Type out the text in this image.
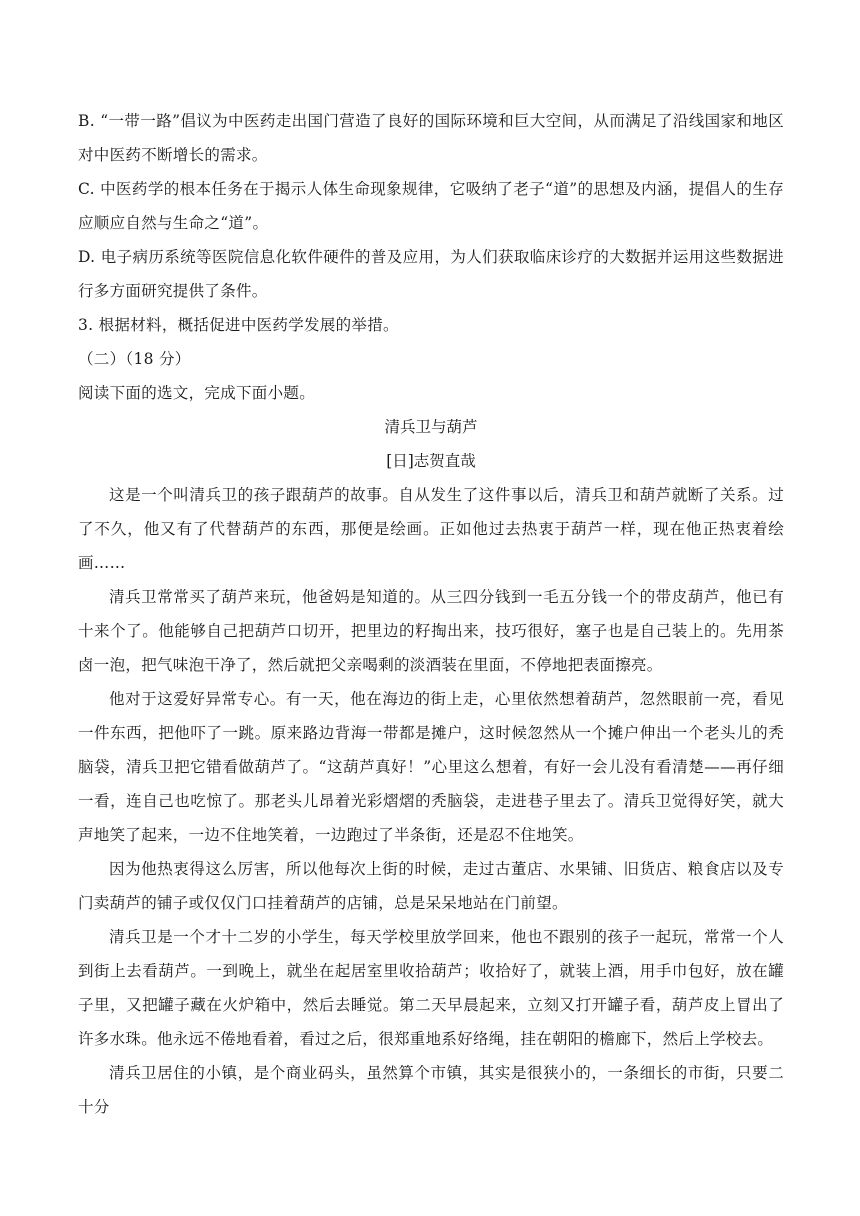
B. “一带一路”倡议为中医药走出国门营造了良好的国际环境和巨大空间，从而满足了沿线国家和地区对中医药不断增长的需求。

C. 中医药学的根本任务在于揭示人体生命现象规律，它吸纳了老子“道”的思想及内涵，提倡人的生存应顺应自然与生命之“道”。

D. 电子病历系统等医院信息化软件硬件的普及应用，为人们获取临床诊疗的大数据并运用这些数据进行多方面研究提供了条件。

3. 根据材料，概括促进中医药学发展的举措。

（二）（18 分）

阅读下面的选文，完成下面小题。

清兵卫与葫芦

[日]志贺直哉

这是一个叫清兵卫的孩子跟葫芦的故事。自从发生了这件事以后，清兵卫和葫芦就断了关系。过了不久，他又有了代替葫芦的东西，那便是绘画。正如他过去热衷于葫芦一样，现在他正热衷着绘画……

清兵卫常常买了葫芦来玩，他爸妈是知道的。从三四分钱到一毛五分钱一个的带皮葫芦，他已有十来个了。他能够自己把葫芦口切开，把里边的籽掏出来，技巧很好，塞子也是自己装上的。先用茶卤一泡，把气味泡干净了，然后就把父亲喝剩的淡酒装在里面，不停地把表面擦亮。

他对于这爱好异常专心。有一天，他在海边的街上走，心里依然想着葫芦，忽然眼前一亮，看见一件东西，把他吓了一跳。原来路边背海一带都是摊户，这时候忽然从一个摊户伸出一个老头儿的秃脑袋，清兵卫把它错看做葫芦了。“这葫芦真好！”心里这么想着，有好一会儿没有看清楚——再仔细一看，连自己也吃惊了。那老头儿昂着光彩熠熠的秃脑袋，走进巷子里去了。清兵卫觉得好笑，就大声地笑了起来，一边不住地笑着，一边跑过了半条街，还是忍不住地笑。

因为他热衷得这么厉害，所以他每次上街的时候，走过古董店、水果铺、旧货店、粮食店以及专门卖葫芦的铺子或仅仅门口挂着葫芦的店铺，总是呆呆地站在门前望。

清兵卫是一个才十二岁的小学生，每天学校里放学回来，他也不跟别的孩子一起玩，常常一个人到街上去看葫芦。一到晚上，就坐在起居室里收拾葫芦；收拾好了，就装上酒，用手巾包好，放在罐子里，又把罐子藏在火炉箱中，然后去睡觉。第二天早晨起来，立刻又打开罐子看，葫芦皮上冒出了许多水珠。他永远不倦地看着，看过之后，很郑重地系好络绳，挂在朝阳的檐廊下，然后上学校去。

清兵卫居住的小镇，是个商业码头，虽然算个市镇，其实是很狭小的，一条细长的市街，只要二十分
